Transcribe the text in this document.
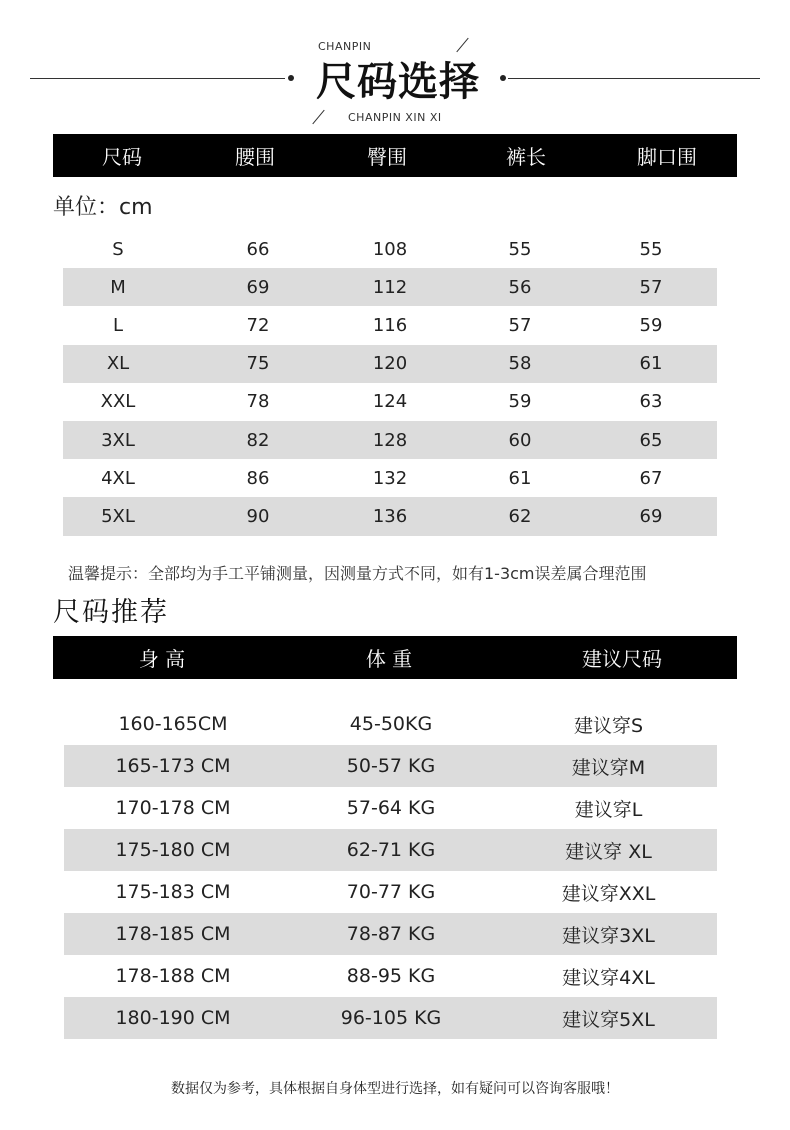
CHANPIN
尺码选择
CHANPIN XIN XI
尺码	腰围	臀围	裤长	脚口围
单位：cm
S	66	108	55	55
M	69	112	56	57
L	72	116	57	59
XL	75	120	58	61
XXL	78	124	59	63
3XL	82	128	60	65
4XL	86	132	61	67
5XL	90	136	62	69
温馨提示：全部均为手工平铺测量，因测量方式不同，如有1-3cm误差属合理范围
尺码推荐
身 高	体 重	建议尺码
160-165CM	45-50KG	建议穿S
165-173 CM	50-57 KG	建议穿M
170-178 CM	57-64 KG	建议穿L
175-180 CM	62-71 KG	建议穿 XL
175-183 CM	70-77 KG	建议穿XXL
178-185 CM	78-87 KG	建议穿3XL
178-188 CM	88-95 KG	建议穿4XL
180-190 CM	96-105 KG	建议穿5XL
数据仅为参考，具体根据自身体型进行选择，如有疑问可以咨询客服哦！
